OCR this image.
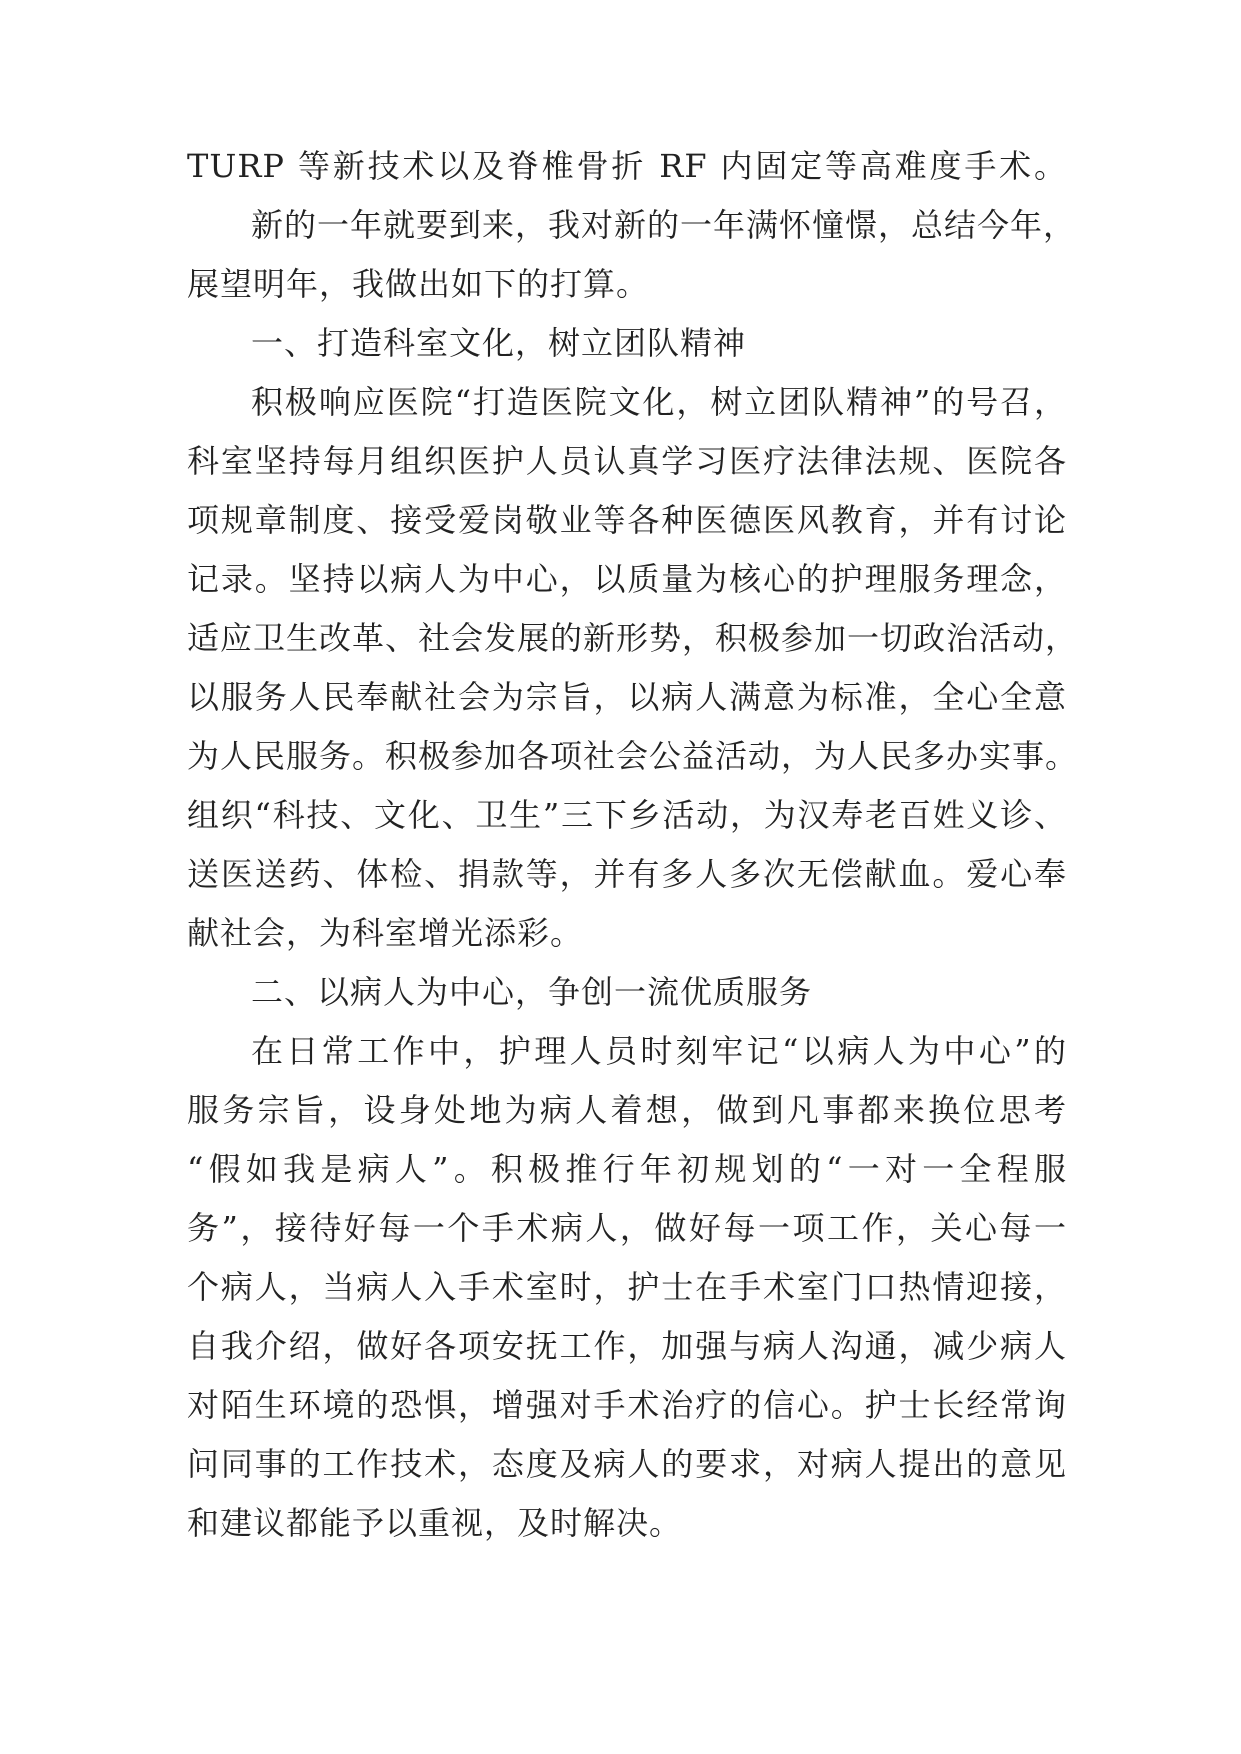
TURP 等新技术以及脊椎骨折 RF 内固定等高难度手术。
新的一年就要到来，我对新的一年满怀憧憬，总结今年，
展望明年，我做出如下的打算。
一、打造科室文化，树立团队精神
积极响应医院“打造医院文化，树立团队精神”的号召，
科室坚持每月组织医护人员认真学习医疗法律法规、医院各
项规章制度、接受爱岗敬业等各种医德医风教育，并有讨论
记录。坚持以病人为中心，以质量为核心的护理服务理念，
适应卫生改革、社会发展的新形势，积极参加一切政治活动，
以服务人民奉献社会为宗旨，以病人满意为标准，全心全意
为人民服务。积极参加各项社会公益活动，为人民多办实事。
组织“科技、文化、卫生”三下乡活动，为汉寿老百姓义诊、
送医送药、体检、捐款等，并有多人多次无偿献血。爱心奉
献社会，为科室增光添彩。
二、以病人为中心，争创一流优质服务
在日常工作中，护理人员时刻牢记“以病人为中心”的
服务宗旨，设身处地为病人着想，做到凡事都来换位思考
“假如我是病人”。积极推行年初规划的“一对一全程服
务”，接待好每一个手术病人，做好每一项工作，关心每一
个病人，当病人入手术室时，护士在手术室门口热情迎接，
自我介绍，做好各项安抚工作，加强与病人沟通，减少病人
对陌生环境的恐惧，增强对手术治疗的信心。护士长经常询
问同事的工作技术，态度及病人的要求，对病人提出的意见
和建议都能予以重视，及时解决。
